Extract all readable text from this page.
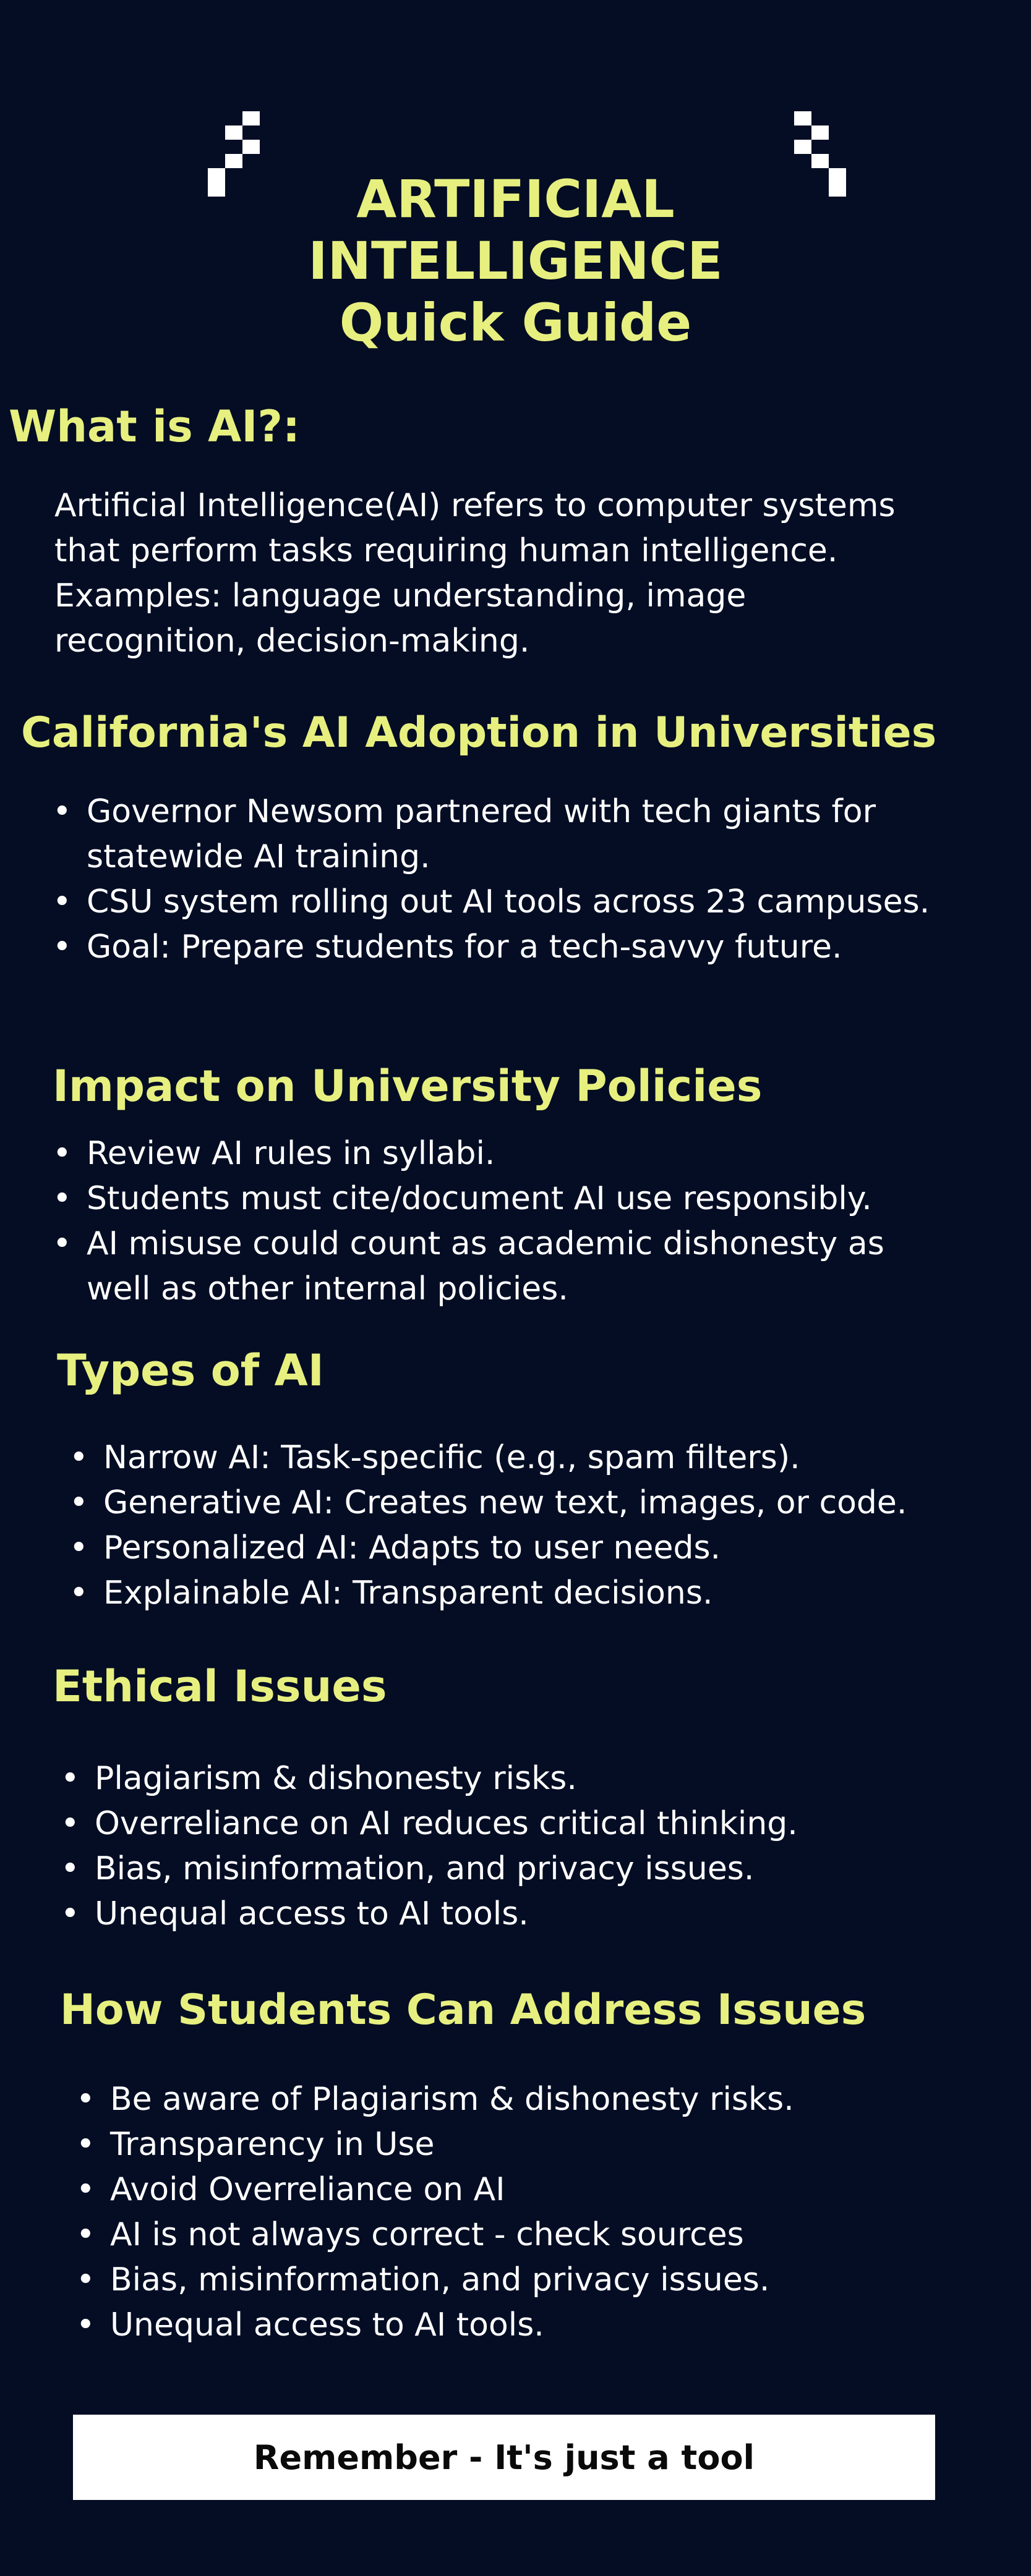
ARTIFICIAL
INTELLIGENCE
Quick Guide
What is AI?:

Artificial Intelligence(AI) refers to computer systems that perform tasks requiring human intelligence. Examples: language understanding, image recognition, decision-making.

California's AI Adoption in Universities
• Governor Newsom partnered with tech giants for statewide AI training.
• CSU system rolling out AI tools across 23 campuses.
• Goal: Prepare students for a tech-savvy future.
Impact on University Policies
• Review AI rules in syllabi.
• Students must cite/document AI use responsibly.
• AI misuse could count as academic dishonesty as well as other internal policies.
Types of AI
• Narrow AI: Task-specific (e.g., spam filters).
• Generative AI: Creates new text, images, or code.
• Personalized AI: Adapts to user needs.
• Explainable AI: Transparent decisions.
Ethical Issues
• Plagiarism & dishonesty risks.
• Overreliance on AI reduces critical thinking.
• Bias, misinformation, and privacy issues.
• Unequal access to AI tools.
How Students Can Address Issues
• Be aware of Plagiarism & dishonesty risks.
• Transparency in Use
• Avoid Overreliance on AI
• AI is not always correct - check sources
• Bias, misinformation, and privacy issues.
• Unequal access to AI tools.
Remember - It's just a tool
